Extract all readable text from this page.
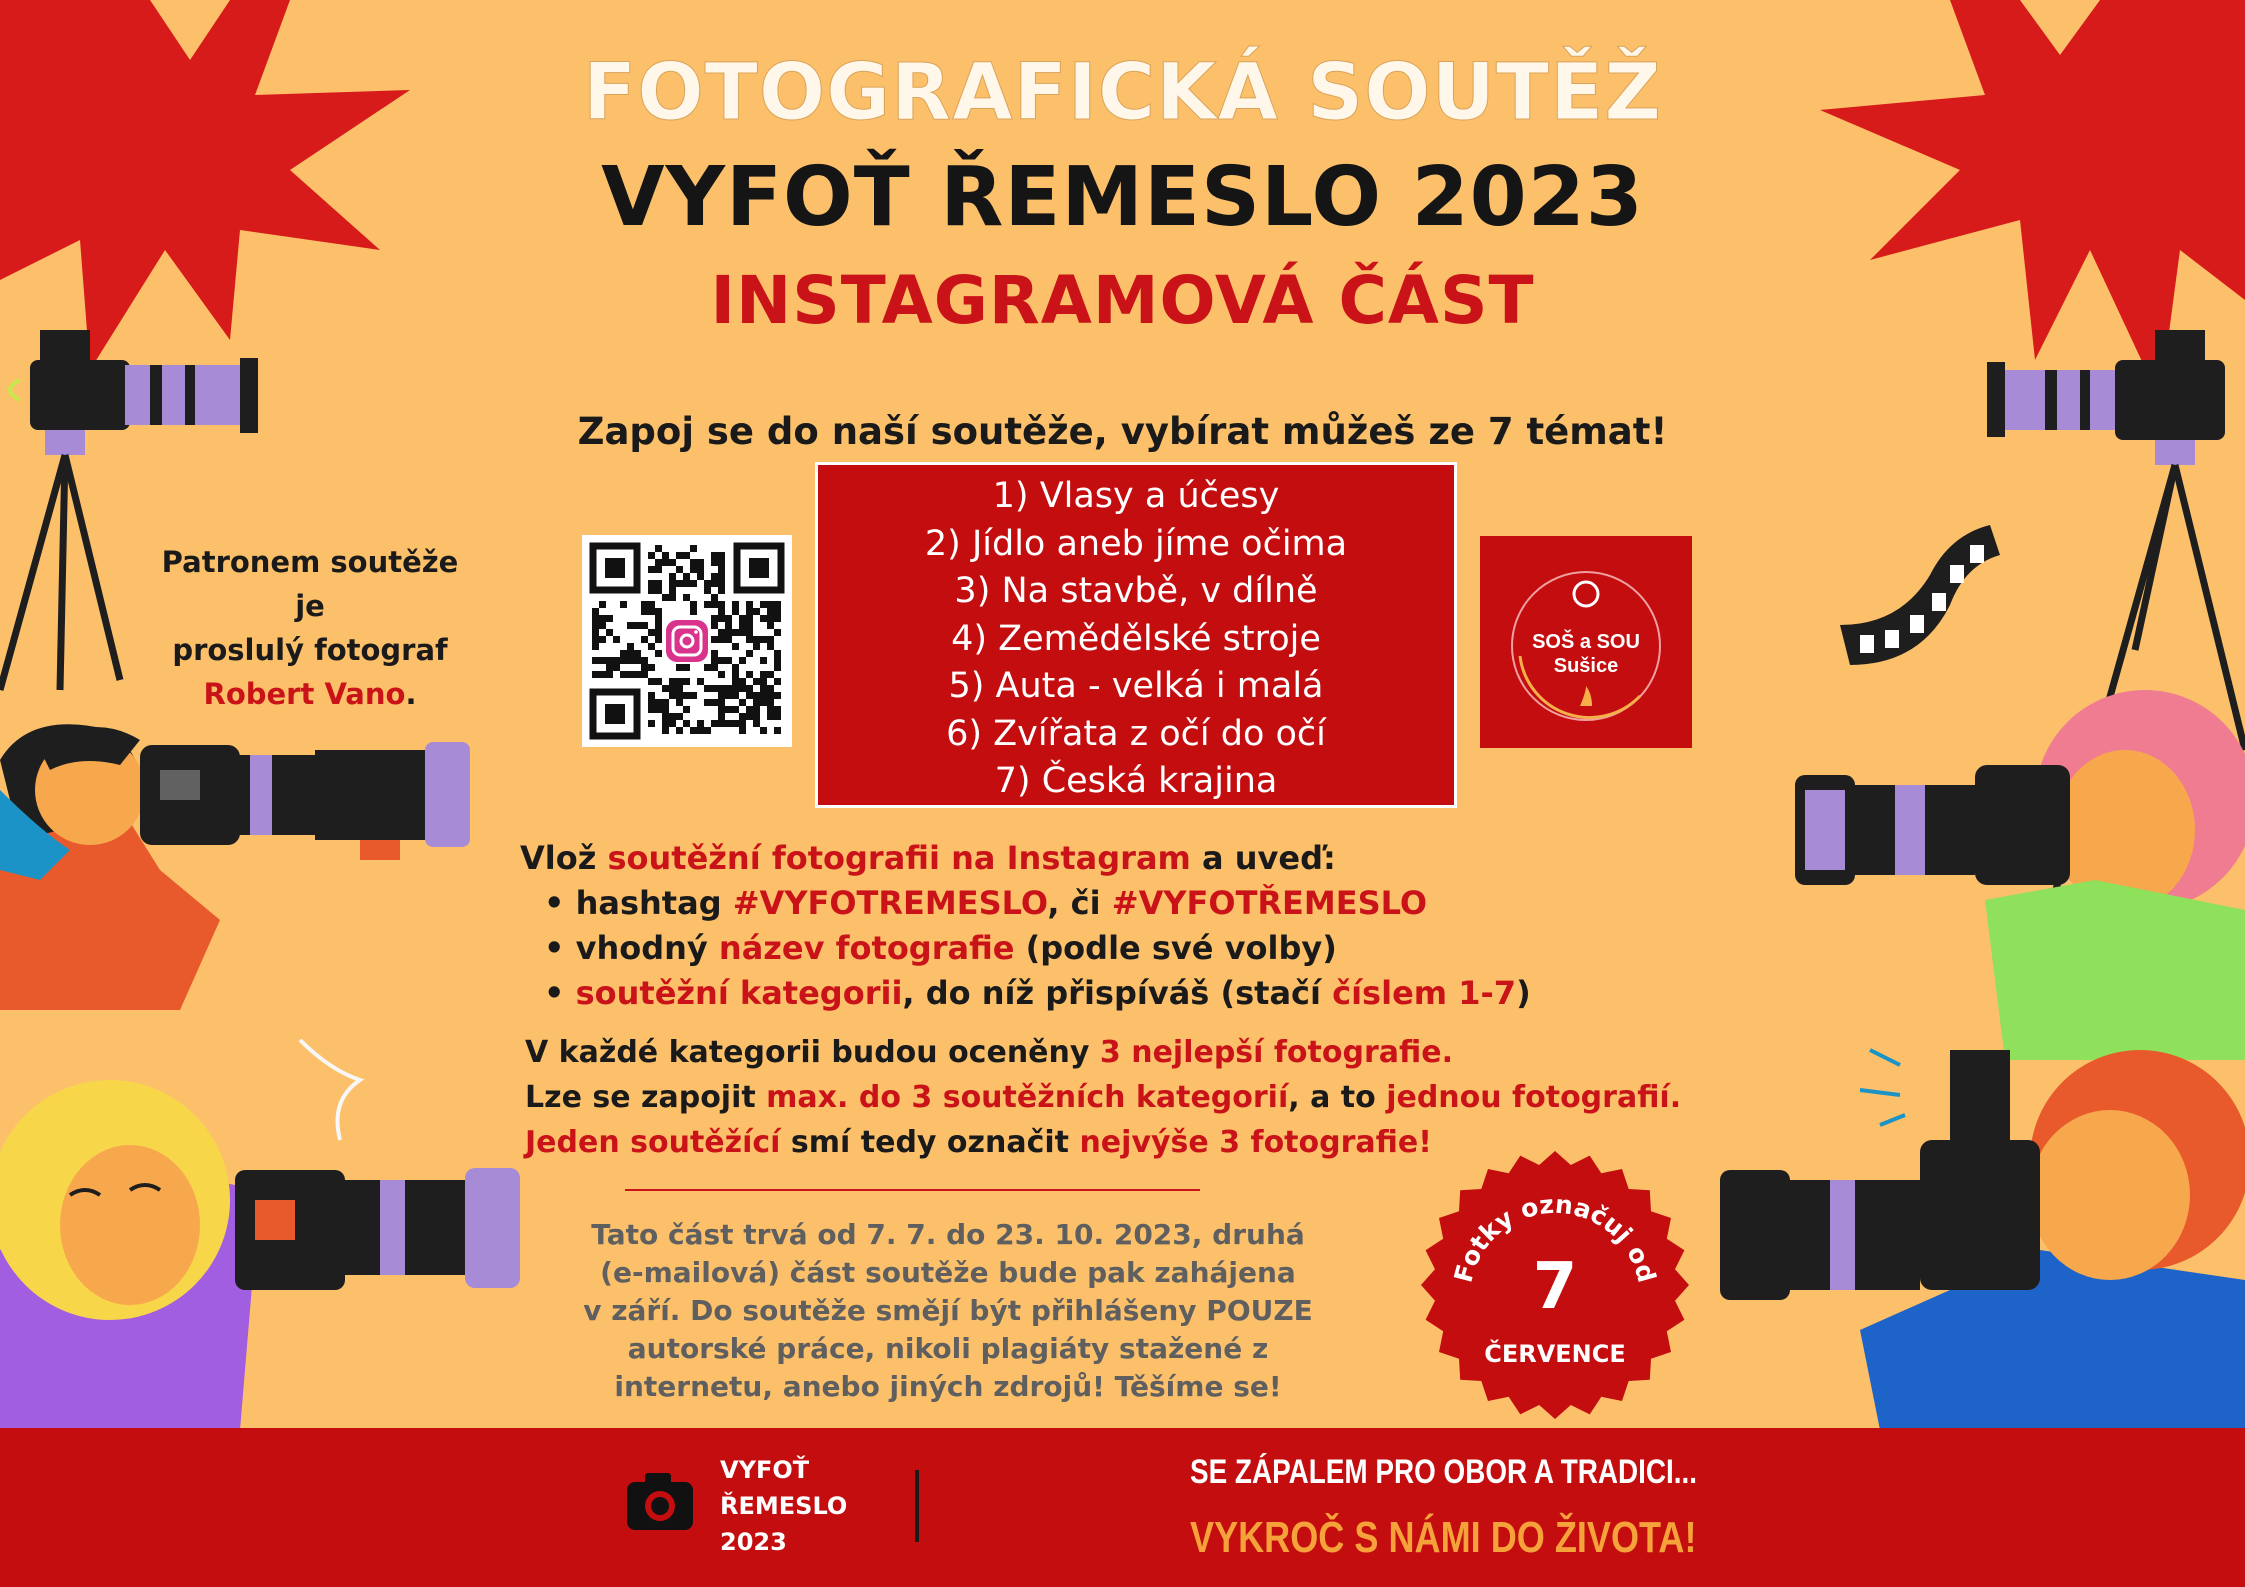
FOTOGRAFICKÁ SOUTĚŽ
VYFOŤ ŘEMESLO 2023
INSTAGRAMOVÁ ČÁST
Zapoj se do naší soutěže, vybírat můžeš ze 7 témat!
Patronem soutěže je
proslulý fotograf
Robert Vano.
1) Vlasy a účesy
2) Jídlo aneb jíme očima
3) Na stavbě, v dílně
4) Zemědělské stroje
5) Auta - velká i malá
6) Zvířata z očí do očí
7) Česká krajina
SOŠ a SOU
Sušice
Vlož soutěžní fotografii na Instagram a uveď:
• hashtag #VYFOTREMESLO, či #VYFOTŘEMESLO
• vhodný název fotografie (podle své volby)
• soutěžní kategorii, do níž přispíváš (stačí číslem 1-7)
V každé kategorii budou oceněny 3 nejlepší fotografie.
Lze se zapojit max. do 3 soutěžních kategorií, a to jednou fotografií.
Jeden soutěžící smí tedy označit nejvýše 3 fotografie!
Tato část trvá od 7. 7. do 23. 10. 2023, druhá
(e-mailová) část soutěže bude pak zahájena
v září. Do soutěže smějí být přihlášeny POUZE
autorské práce, nikoli plagiáty stažené z
internetu, anebo jiných zdrojů! Těšíme se!
Fotky označuj od
7
ČERVENCE
VYFOŤ
ŘEMESLO
2023
SE ZÁPALEM PRO OBOR A TRADICI...
VYKROČ S NÁMI DO ŽIVOTA!
